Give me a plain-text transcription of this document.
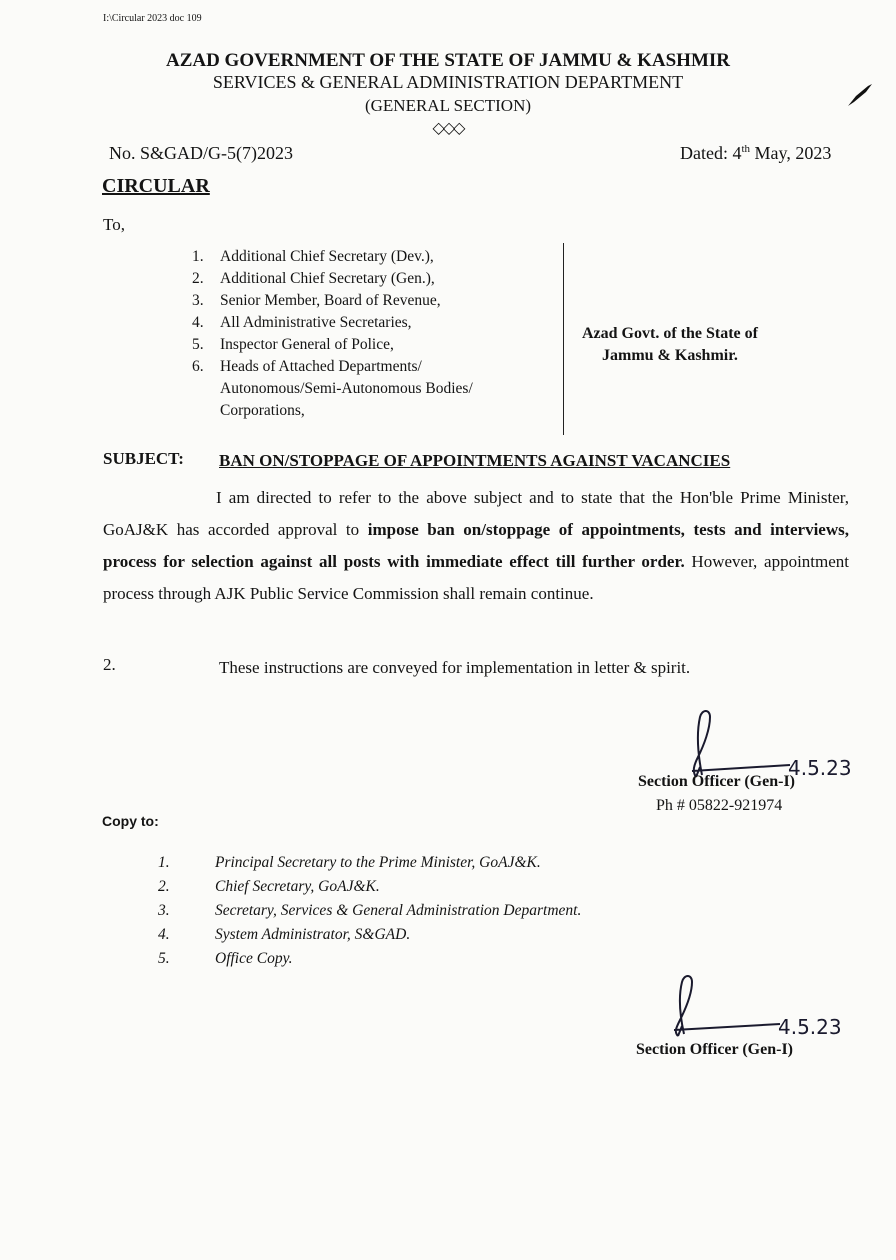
I:\Circular 2023 doc 109
AZAD GOVERNMENT OF THE STATE OF JAMMU & KASHMIR
SERVICES & GENERAL ADMINISTRATION DEPARTMENT
(GENERAL SECTION)
◇◇◇
No. S&GAD/G-5(7)2023	Dated: 4th May, 2023
CIRCULAR
To,
1.	Additional Chief Secretary (Dev.),
2.	Additional Chief Secretary (Gen.),
3.	Senior Member, Board of Revenue,
4.	All Administrative Secretaries,
5.	Inspector General of Police,
6.	Heads of Attached Departments/
Autonomous/Semi-Autonomous Bodies/
Corporations,
Azad Govt. of the State of
Jammu & Kashmir.
SUBJECT: BAN ON/STOPPAGE OF APPOINTMENTS AGAINST VACANCIES
I am directed to refer to the above subject and to state that the Hon'ble Prime Minister, GoAJ&K has accorded approval to impose ban on/stoppage of appointments, tests and interviews, process for selection against all posts with immediate effect till further order. However, appointment process through AJK Public Service Commission shall remain continue.
2.	These instructions are conveyed for implementation in letter & spirit.
4.5.23
Section Officer (Gen-I)
Ph # 05822-921974
Copy to:
1.	Principal Secretary to the Prime Minister, GoAJ&K.
2.	Chief Secretary, GoAJ&K.
3.	Secretary, Services & General Administration Department.
4.	System Administrator, S&GAD.
5.	Office Copy.
4.5.23
Section Officer (Gen-I)
